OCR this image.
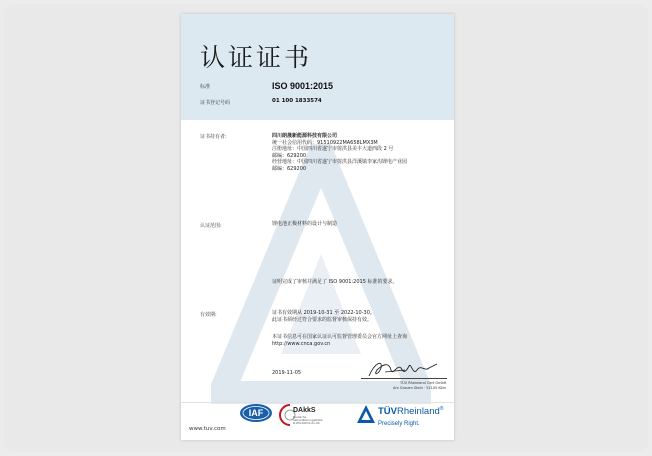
认证证书
标准	ISO 9001:2015
证书登记号码	01 100 1833574
证书持有者:	四川朗晟新能源科技有限公司
统一社会信用代码：91510922MA658LMX3M
注册地址：中国四川省遂宁市射洪县美丰大道西段 2 号
邮编：629200
经营地址：中国四川省遂宁市射洪县洋溪镇李家沟锂电产业园
邮编：629200
认证范围:	锂电池正极材料的设计与制造
证明完成了审核并满足了 ISO 9001:2015 标准的要求。
有效期:	证书有效期从 2019-10-31 至 2022-10-30。
此证书须经过符合要求的监督审核保持有效。
本证书信息可在国家认证认可监督管理委员会官方网址上查询
http://www.cnca.gov.cn
2019-11-05
TÜV Rheinland Cert GmbH
Am Grauen Stein · 51105 Köln
www.tuv.com
IAF	DAkkS
Deutsche
Akkreditierungsstelle
D-ZM-16031-01-00
TÜVRheinland®
Precisely Right.
